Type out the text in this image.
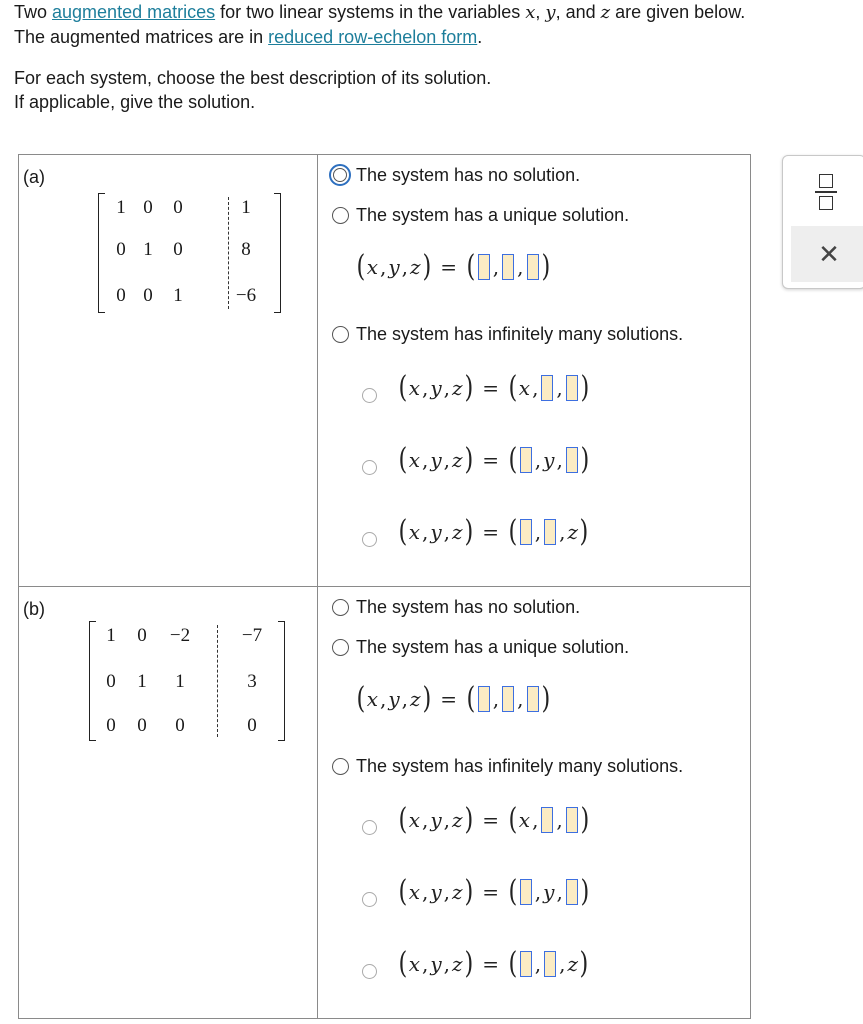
Two augmented matrices for two linear systems in the variables x, y, and z are given below.

The augmented matrices are in reduced row-echelon form.

For each system, choose the best description of its solution.

If applicable, give the solution.

(a)
1 0	0	1
0 1	0	8
0 0	1	−6
The system has no solution.
The system has a unique solution.
( x , y , z ) = ( , , )
The system has infinitely many solutions.
( x , y , z ) = ( x , , )
( x , y , z ) = ( , y , )
( x , y , z ) = ( , , z )
(b)
1	0	−2	−7
0	1	1	3
0	0	0	0
The system has no solution.
The system has a unique solution.
( x , y , z ) = ( , , )
The system has infinitely many solutions.
( x , y , z ) = ( x , , )
( x , y , z ) = ( , y , )
( x , y , z ) = ( , , z )
✕
